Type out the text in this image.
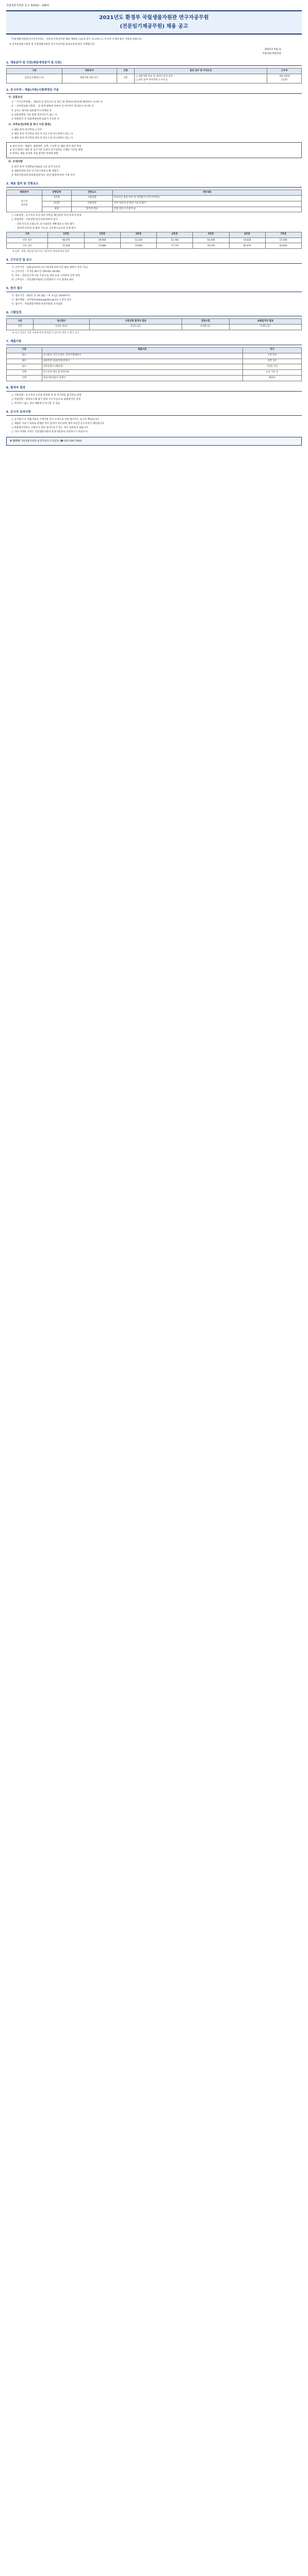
국립생물자원관 공고 제2021 - 166호
2021년도 환경부 국립생물자원관 연구자공무원
(전문임기제공무원) 채용 공고
「국립생물자원관(연구자공무원)」 전문임기제공무원 채용 계획을 다음과 같이 공고하오니, 우수한 인재의 많은 지원을 바랍니다.
※ 공무원임용시험령 및 국립생물자원관 연구자공무원 운영규정에 따라 진행합니다.
2021년 5월 일
국립생물자원관장
1. 채용분야 및 인원(채용예정분야 및 인원)
구분	채용분야	인원	담당 업무 및 자격요건	근무처
전문임기제(연구사)	생물자원 분류·연구	1명	□ 생물자원 분류 및 데이터 관리 업무
□ 관련 분야 박사학위 소지자 등	생물자원관
(인천)
2. 응시자격 : 채용(지원)시험예정일 기준
가. 공통요건
① 「국가공무원법」 제33조의 결격사유 및 같은 법 제74조(정년)에 해당하지 아니한 자
② 「공무원임용시험령」 등 관계 법령에 의하여 응시자격이 정지되지 아니한 자
③ 남자는 병역을 필하였거나 면제된 자
④ 임용예정일 기준 현재 결격사유가 없는 자
⑤ 최종합격 후 임용예정일에 임용이 가능한 자
나. 자격요건(아래 중 하나 이상 충족)
① 해당 분야 박사학위 소지자
② 해당 분야 석사학위 취득 후 3년 이상 연구경력이 있는 자
③ 해당 분야 학사학위 취득 후 5년 이상 연구경력이 있는 자
※ 관련 분야 : 생물학, 생명과학, 농학, 수산학 등 해당 분야 관련 학과
※ 연구경력은 대학 및 연구기관 등에서 연구업무를 수행한 기간을 말함
※ 학위는 채용 분야와 직접 관련된 학위에 한함
다. 우대사항
① 관련 분야 국제학술지(SCI) 논문 실적 보유자
② 생물다양성 관련 국가연구과제 수행 경험자
③ 취업지원대상자(보훈대상자)는 관련 법령에 따라 가점 부여
3. 채용 절차 및 전형요소
채용분야	전형단계	전형요소	세부내용
연구자
공무원	1단계	서류전형	자격요건 충족 여부 및 서면평가 (적격·부적격)
	2단계	면접전형	직무 전문성 및 발전 가능성 평가
	최종	합격자 발표	면접 결과 고득점자 순
○ 서류전형 : 응시자격 요건 충족 여부를 확인하여 적격·부적격 판정
○ 면접전형 : 서류전형 합격자에 한하여 실시
- 전문지식과 응용능력, 의사표현의 정확성과 논리성 평가
- 창의력·의지력 및 발전 가능성, 공무원으로서의 자세 평가
구분	1호봉	2호봉	3호봉	4호봉	5호봉	6호봉	7호봉
연봉 하한	48,470	49,900	51,320	52,760	54,190	55,620	57,050
연봉 상한	71,930	73,880	75,830	77,770	79,720	81,670	83,620
※ 단위 : 천원, 전문임기제 나급 기준이며 경력에 따라 결정
4. 근무조건 및 보수
가. 근무기간 : 임용일로부터 2년 (성과에 따라 5년 범위 내에서 연장 가능)
나. 근무시간 : 주 5일 40시간 (09:00~18:00)
다. 보수 : 전문임기제 나급 수준으로 경력 등을 고려하여 연봉 결정
라. 근무장소 : 국립생물자원관 (인천광역시 서구 환경로 42)
5. 원서 접수
가. 접수기간 : 2021. 5. 24.(월) ~ 6. 4.(금) 18:00까지
나. 접수방법 : 나라일터(www.gojobs.go.kr) 온라인 접수
다. 접수처 : 국립생물자원관 운영지원과 인사담당
6. 시험일정
구분	원서접수	서류전형 합격자 발표	면접시험	최종합격자 발표
일정	5.24.~6.4.	6.11.(금)	6.18.(금)	6.25.(금)
※ 상기 일정은 기관 사정에 따라 변경될 수 있으며, 변경 시 별도 공지
7. 제출서류
구분	제출서류	비고
필수	응시원서, 자기소개서, 직무수행계획서	소정 양식
필수	최종학력 졸업(학위)증명서	원본 1부
필수	경력증명서 (해당자)	기관장 직인
선택	연구실적 목록 및 증빙서류	논문 사본 등
선택	취업지원대상자 증명서	해당자
8. 합격자 결정
○ 서류전형 : 응시자격 요건을 충족한 자 중 적격자를 합격자로 결정
○ 면접전형 : 평정요소별 평가 결과 우수자 순으로 최종합격자 결정
○ 적격자가 없는 경우 채용하지 아니할 수 있음
9. 응시자 유의사항
○ 응시원서 등 제출서류의 기재사항 착오·누락으로 인한 불이익은 응시자 책임입니다.
○ 제출된 서류가 허위로 판명될 경우 합격이 취소되며, 향후 5년간 응시자격이 제한됩니다.
○ 최종합격자라도 신원조사 결과 결격사유가 있는 경우 임용하지 않습니다.
○ 기타 자세한 사항은 국립생물자원관 운영지원과로 문의하시기 바랍니다.
※ 문의처 국립생물자원관 운영지원과 인사담당 (☎ 032-590-7000)
